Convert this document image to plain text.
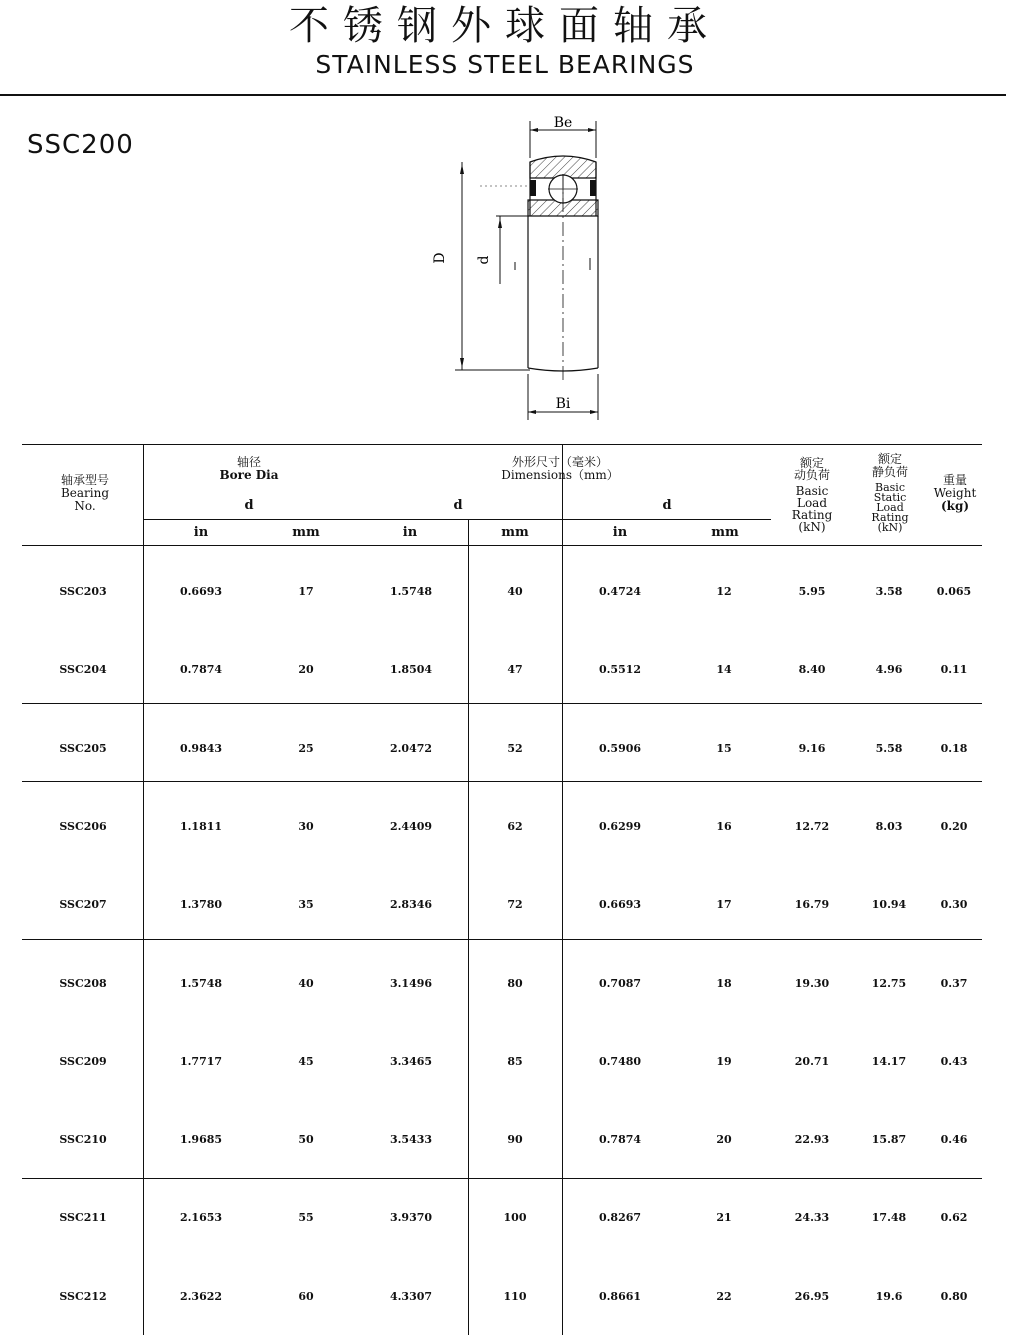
不锈钢外球面轴承
STAINLESS STEEL BEARINGS
SSC200
Be
D d
Bi
轴承型号
Bearing
No.
轴径
Bore Dia
外形尺寸（毫米）
Dimensions（mm）
d	d	d
in	mm	in	mm	in	mm
额定
动负荷
Basic
Load
Rating
(kN)
额定
静负荷
Basic
Static
Load
Rating
(kN)
重量
Weight
(kg)
SSC203	0.6693	17	1.5748	40	0.4724	12	5.95	3.58	0.065
SSC204	0.7874	20	1.8504	47	0.5512	14	8.40	4.96	0.11
SSC205	0.9843	25	2.0472	52	0.5906	15	9.16	5.58	0.18
SSC206	1.1811	30	2.4409	62	0.6299	16	12.72	8.03	0.20
SSC207	1.3780	35	2.8346	72	0.6693	17	16.79	10.94	0.30
SSC208	1.5748	40	3.1496	80	0.7087	18	19.30	12.75	0.37
SSC209	1.7717	45	3.3465	85	0.7480	19	20.71	14.17	0.43
SSC210	1.9685	50	3.5433	90	0.7874	20	22.93	15.87	0.46
SSC211	2.1653	55	3.9370	100	0.8267	21	24.33	17.48	0.62
SSC212	2.3622	60	4.3307	110	0.8661	22	26.95	19.6	0.80
